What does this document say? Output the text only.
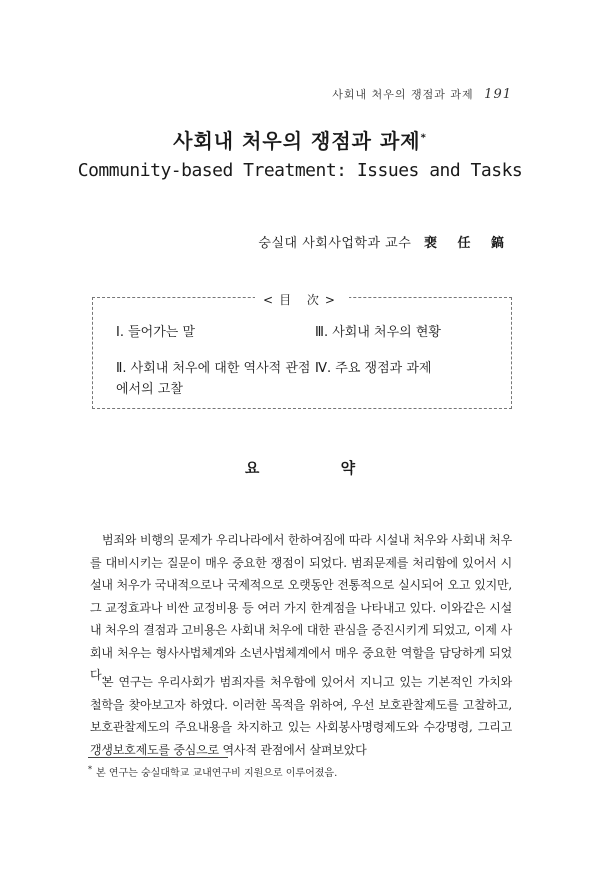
사회내 처우의 쟁점과 과제 191
사회내 처우의 쟁점과 과제*
Community-based Treatment: Issues and Tasks
숭실대 사회사업학과 교수 裵 任 鎬
<目 次>
Ⅰ. 들어가는 말
Ⅱ. 사회내 처우에 대한 역사적 관점에서의 고찰
Ⅲ. 사회내 처우의 현황
Ⅳ. 주요 쟁점과 과제
요 약

범죄와 비행의 문제가 우리나라에서 한하여짐에 따라 시설내 처우와 사회내 처우를 대비시키는 질문이 매우 중요한 쟁점이 되었다. 범죄문제를 처리함에 있어서 시설내 처우가 국내적으로나 국제적으로 오랫동안 전통적으로 실시되어 오고 있지만, 그 교정효과나 비싼 교정비용 등 여러 가지 한계점을 나타내고 있다. 이와같은 시설내 처우의 결점과 고비용은 사회내 처우에 대한 관심을 증진시키게 되었고, 이제 사회내 처우는 형사사법체계와 소년사법체계에서 매우 중요한 역할을 담당하게 되었다.

본 연구는 우리사회가 범죄자를 처우함에 있어서 지니고 있는 기본적인 가치와 철학을 찾아보고자 하였다. 이러한 목적을 위하여, 우선 보호관찰제도를 고찰하고, 보호관찰제도의 주요내용을 차지하고 있는 사회봉사명령제도와 수강명령, 그리고 갱생보호제도를 중심으로 역사적 관점에서 살펴보았다

* 본 연구는 숭실대학교 교내연구비 지원으로 이루어졌음.
